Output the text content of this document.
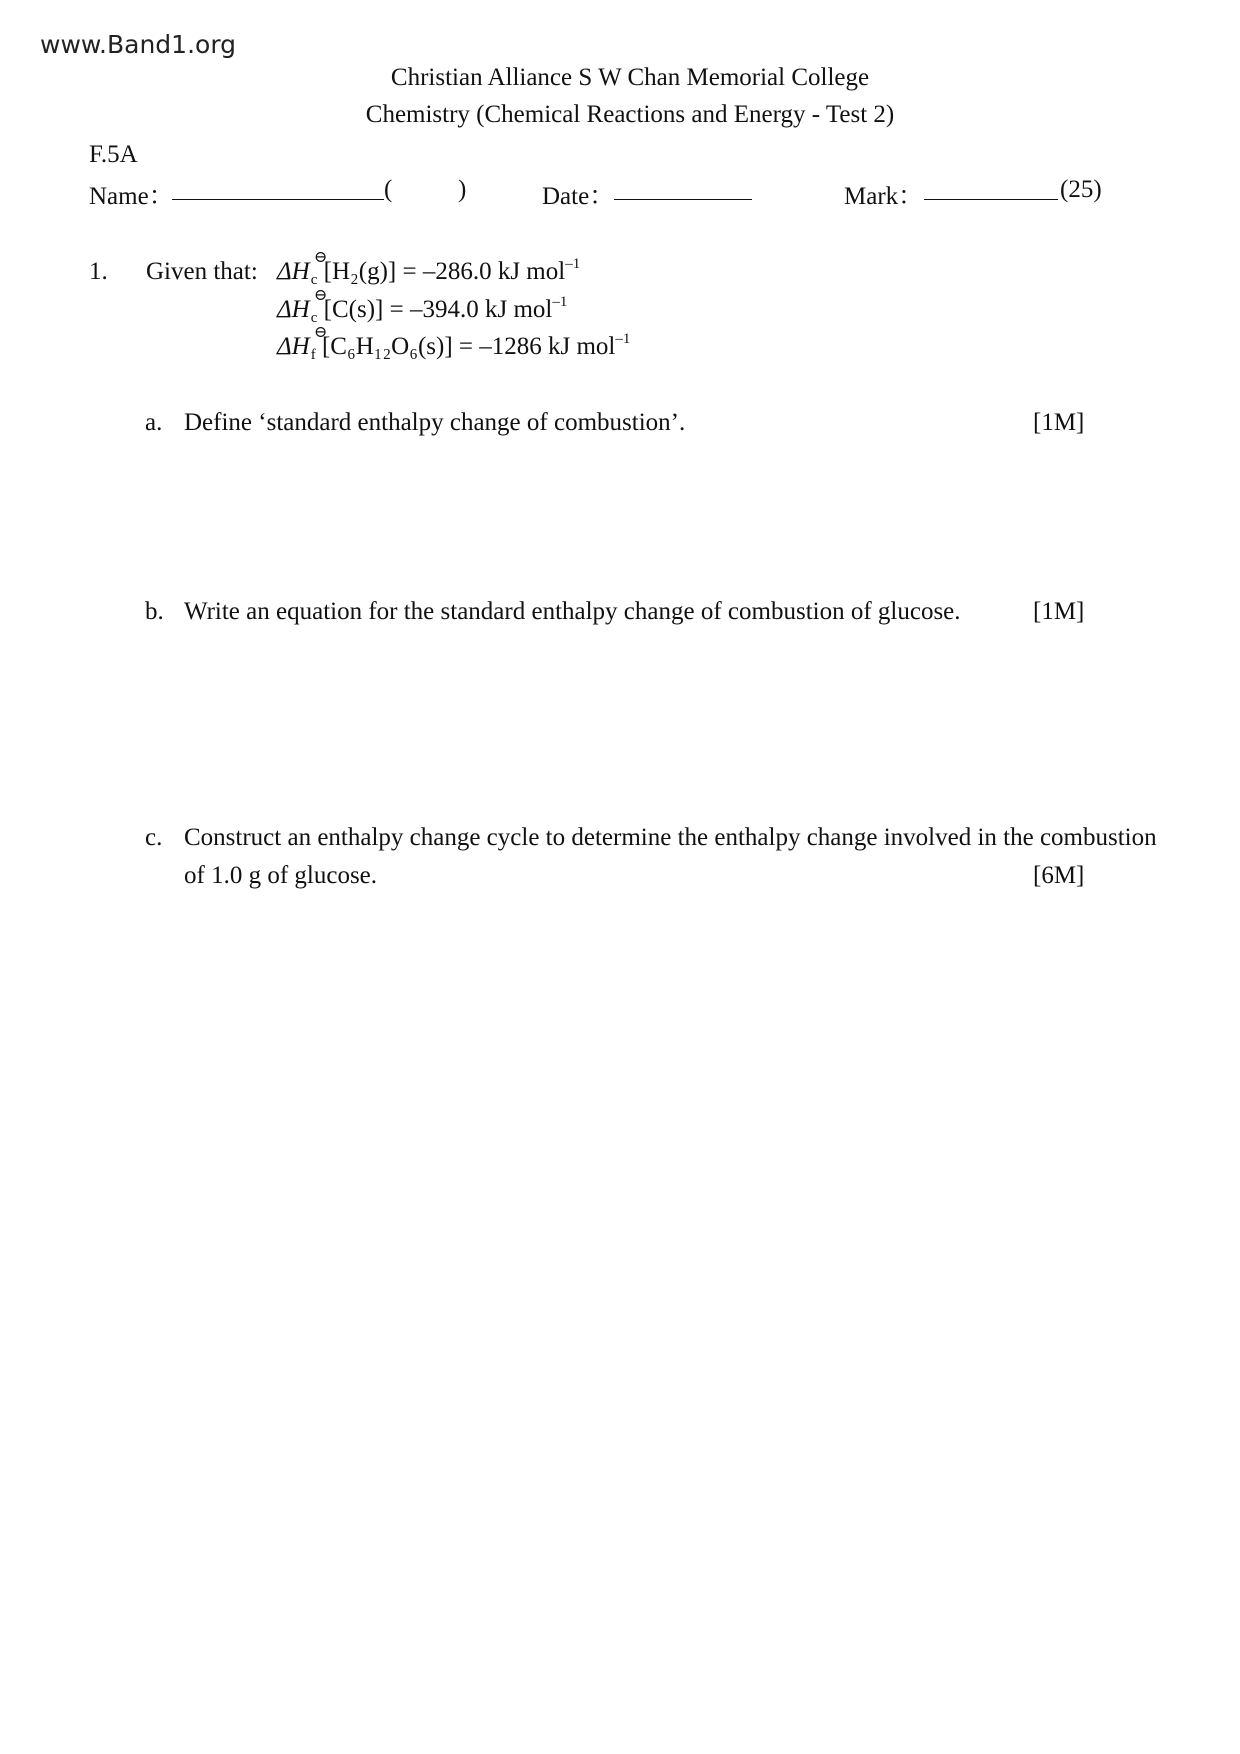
www.Band1.org
Christian Alliance S W Chan Memorial College
Chemistry (Chemical Reactions and Energy - Test 2)
F.5A
Name：	(	)	Date：	Mark：	(25)
1. Given that: ΔH
⊖
$_c$ [H₂(g)] = –286.0 kJ mol$^{-1}$
ΔH
⊖
$_c$ [C(s)] = –394.0 kJ mol$^{-1}$
ΔH
⊖
$_f$ [C₆H₁₂O₆(s)] = –1286 kJ mol$^{-1}$
a. Define ‘standard enthalpy change of combustion’.	[1M]
b. Write an equation for the standard enthalpy change of combustion of glucose.	[1M]
c. Construct an enthalpy change cycle to determine the enthalpy change involved in the combustion
of 1.0 g of glucose.	[6M]
